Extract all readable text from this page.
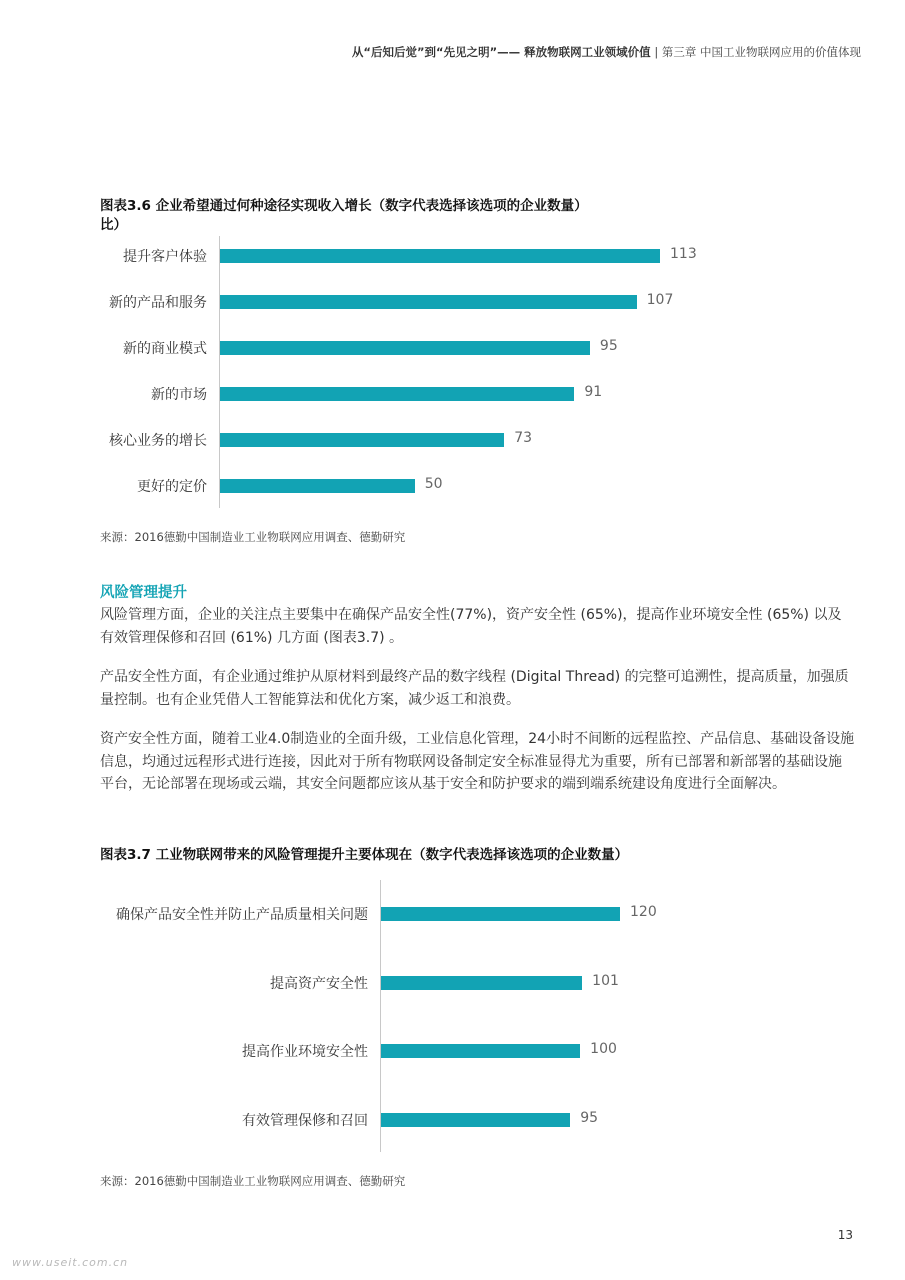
从“后知后觉”到“先见之明”—— 释放物联网工业领域价值 | 第三章 中国工业物联网应用的价值体现
图表3.6 企业希望通过何种途径实现收入增长（数字代表选择该选项的企业数量）
比）
提升客户体验	113
新的产品和服务	107
新的商业模式	95
新的市场	91
核心业务的增长	73
更好的定价	50
来源：2016德勤中国制造业工业物联网应用调查、德勤研究
风险管理提升
风险管理方面，企业的关注点主要集中在确保产品安全性(77%)，资产安全性 (65%)，提高作业环境安全性 (65%) 以及有效管理保修和召回 (61%) 几方面 (图表3.7) 。
产品安全性方面，有企业通过维护从原材料到最终产品的数字线程 (Digital Thread) 的完整可追溯性，提高质量，加强质量控制。也有企业凭借人工智能算法和优化方案，减少返工和浪费。
资产安全性方面，随着工业4.0制造业的全面升级，工业信息化管理，24小时不间断的远程监控、产品信息、基础设备设施信息，均通过远程形式进行连接，因此对于所有物联网设备制定安全标准显得尤为重要，所有已部署和新部署的基础设施平台，无论部署在现场或云端，其安全问题都应该从基于安全和防护要求的端到端系统建设角度进行全面解决。
图表3.7 工业物联网带来的风险管理提升主要体现在（数字代表选择该选项的企业数量）
确保产品安全性并防止产品质量相关问题	120
提高资产安全性	101
提高作业环境安全性	100
有效管理保修和召回	95
来源：2016德勤中国制造业工业物联网应用调查、德勤研究
13
www.useit.com.cn
